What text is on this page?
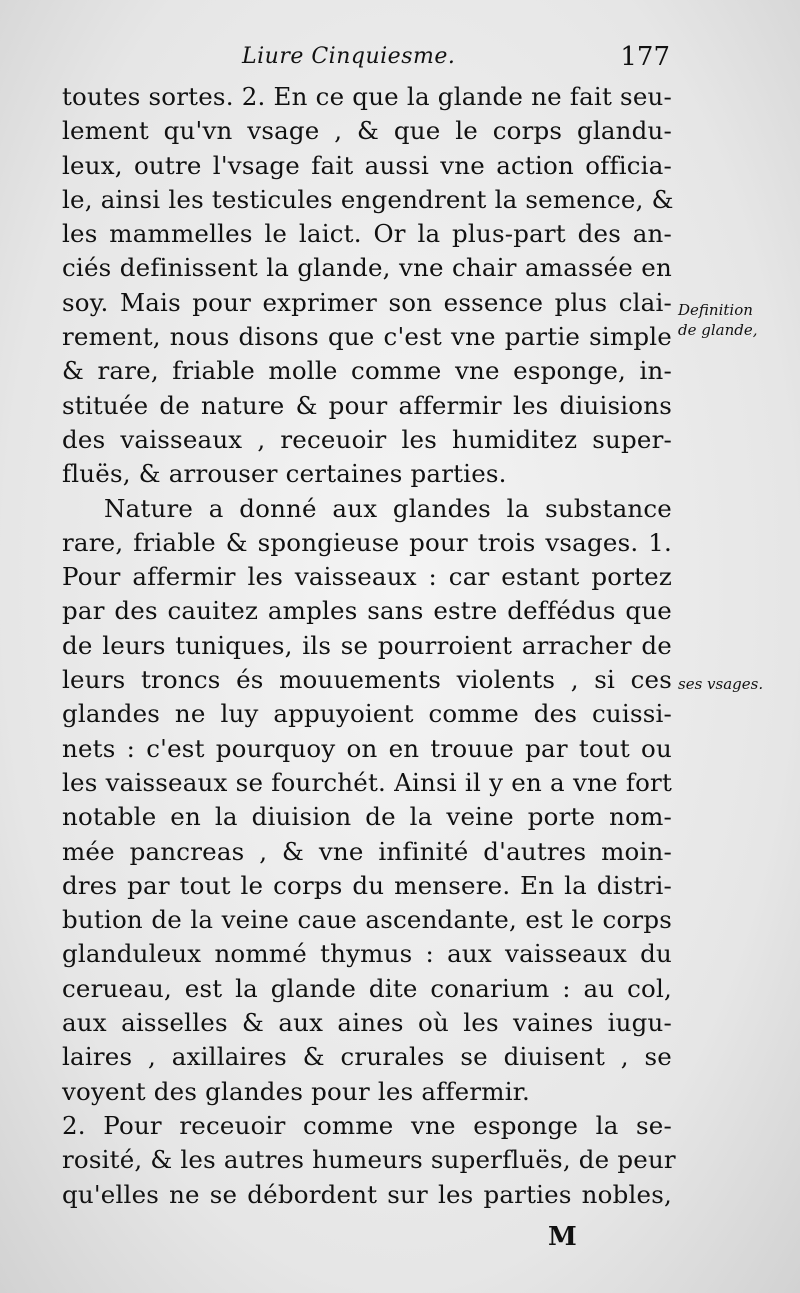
Liure Cinquiesme.	177
toutes sortes. 2. En ce que la glande ne fait seu-
lement qu'vn vsage , & que le corps glandu-
leux, outre l'vsage fait aussi vne action officia-
le, ainsi les testicules engendrent la semence, &
les mammelles le laict. Or la plus-part des an-
ciés definissent la glande, vne chair amassée en
soy. Mais pour exprimer son essence plus clai-
rement, nous disons que c'est vne partie simple
& rare, friable molle comme vne esponge, in-
stituée de nature & pour affermir les diuisions
des vaisseaux , receuoir les humiditez super-
fluës, & arrouser certaines parties.
Nature a donné aux glandes la substance
rare, friable & spongieuse pour trois vsages. 1.
Pour affermir les vaisseaux : car estant portez
par des cauitez amples sans estre deffédus que
de leurs tuniques, ils se pourroient arracher de
leurs troncs és mouuements violents , si ces
glandes ne luy appuyoient comme des cuissi-
nets : c'est pourquoy on en trouue par tout ou
les vaisseaux se fourchét. Ainsi il y en a vne fort
notable en la diuision de la veine porte nom-
mée pancreas , & vne infinité d'autres moin-
dres par tout le corps du mensere. En la distri-
bution de la veine caue ascendante, est le corps
glanduleux nommé thymus : aux vaisseaux du
cerueau, est la glande dite conarium : au col,
aux aisselles & aux aines où les vaines iugu-
laires , axillaires & crurales se diuisent , se
voyent des glandes pour les affermir.
2. Pour receuoir comme vne esponge la se-
rosité, & les autres humeurs superfluës, de peur
qu'elles ne se débordent sur les parties nobles,
Definition
de glande,
ses vsages.
M
